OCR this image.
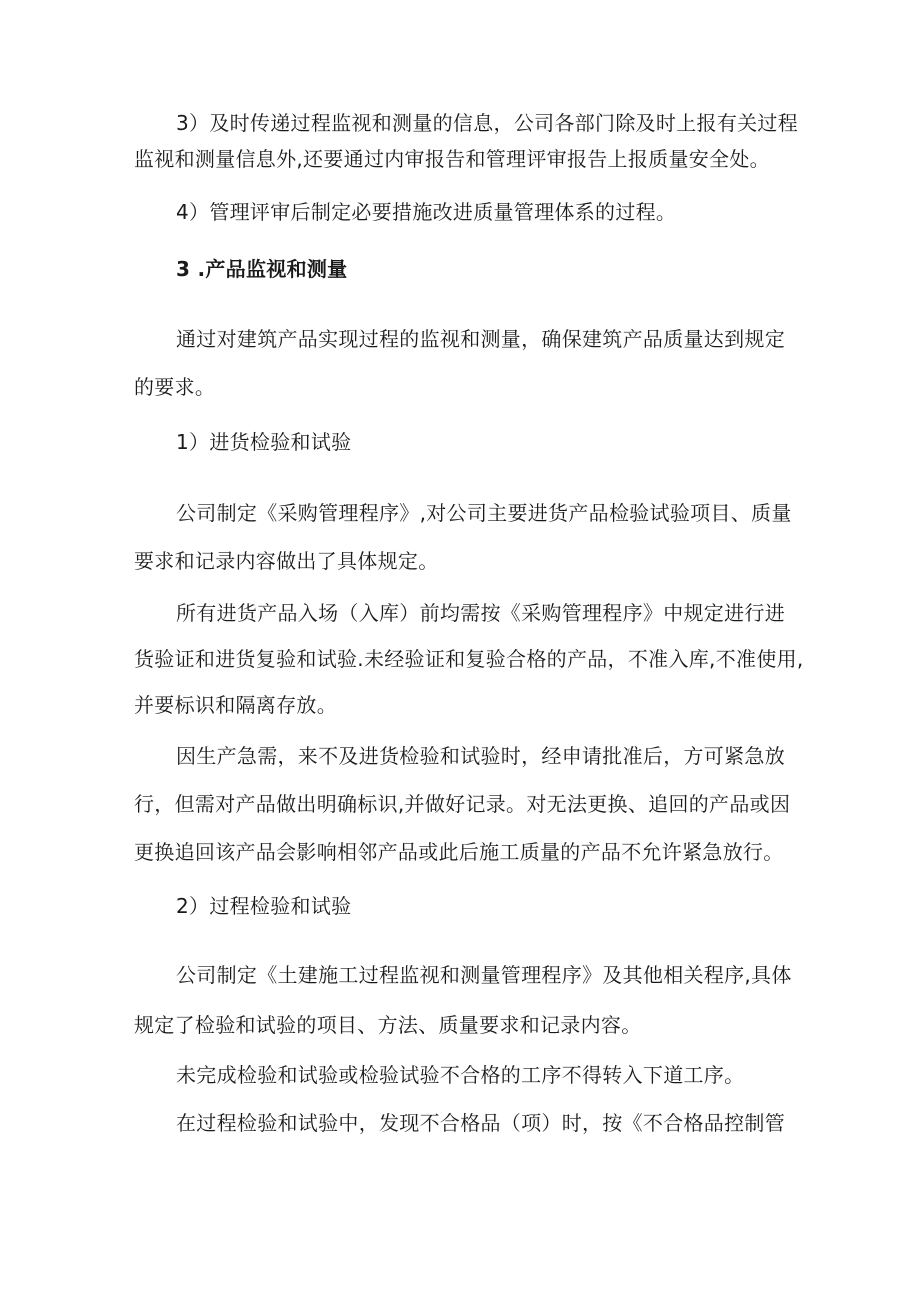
3）及时传递过程监视和测量的信息，公司各部门除及时上报有关过程
监视和测量信息外,还要通过内审报告和管理评审报告上报质量安全处。
4）管理评审后制定必要措施改进质量管理体系的过程。
3 .产品监视和测量
通过对建筑产品实现过程的监视和测量，确保建筑产品质量达到规定
的要求。
1）进货检验和试验
公司制定《采购管理程序》,对公司主要进货产品检验试验项目、质量
要求和记录内容做出了具体规定。
所有进货产品入场（入库）前均需按《采购管理程序》中规定进行进
货验证和进货复验和试验.未经验证和复验合格的产品，不准入库,不准使用,
并要标识和隔离存放。
因生产急需，来不及进货检验和试验时，经申请批准后，方可紧急放
行，但需对产品做出明确标识,并做好记录。对无法更换、追回的产品或因
更换追回该产品会影响相邻产品或此后施工质量的产品不允许紧急放行。
2）过程检验和试验
公司制定《土建施工过程监视和测量管理程序》及其他相关程序,具体
规定了检验和试验的项目、方法、质量要求和记录内容。
未完成检验和试验或检验试验不合格的工序不得转入下道工序。
在过程检验和试验中，发现不合格品（项）时，按《不合格品控制管
